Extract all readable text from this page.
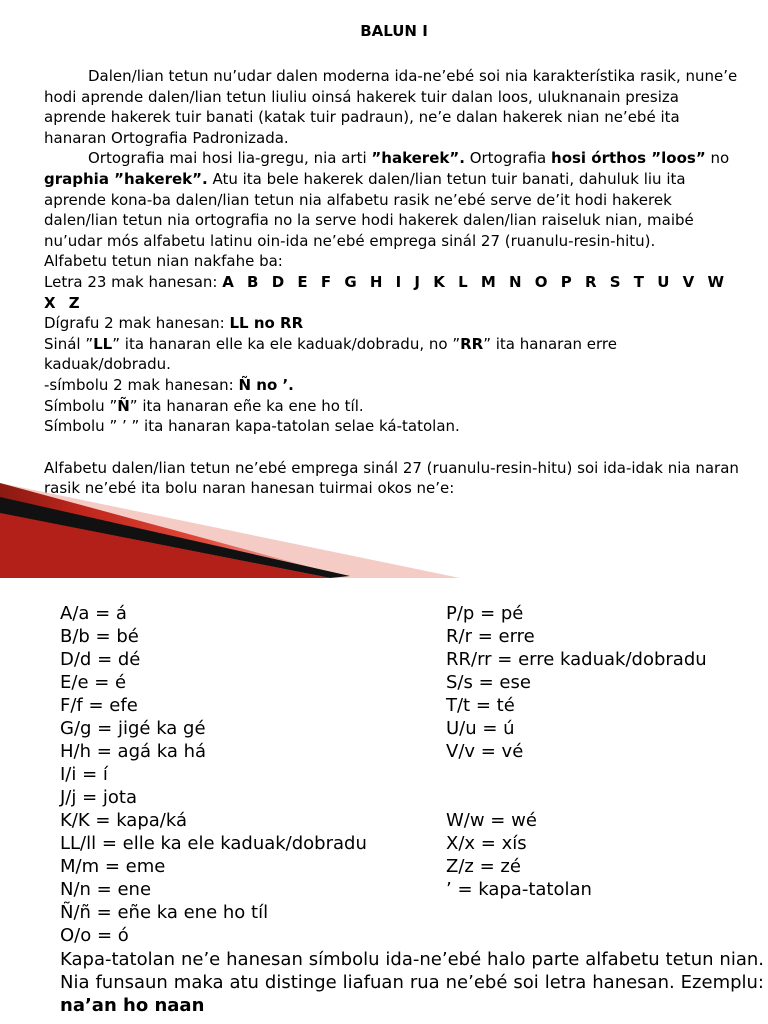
BALUN I

Dalen/lian tetun nu’udar dalen moderna ida-ne’ebé soi nia karakterístika rasik, nune’e hodi aprende dalen/lian tetun liuliu oinsá hakerek tuir dalan loos, uluknanain presiza aprende hakerek tuir banati (katak tuir padraun), ne’e dalan hakerek nian ne’ebé ita hanaran Ortografia Padronizada.

Ortografia mai hosi lia-gregu, nia arti ”hakerek”. Ortografia hosi órthos ”loos” no graphia ”hakerek”. Atu ita bele hakerek dalen/lian tetun tuir banati, dahuluk liu ita aprende kona-ba dalen/lian tetun nia alfabetu rasik ne’ebé serve de’it hodi hakerek dalen/lian tetun nia ortografia no la serve hodi hakerek dalen/lian raiseluk nian, maibé nu’udar mós alfabetu latinu oin-ida ne’ebé emprega sinál 27 (ruanulu-resin-hitu).

Alfabetu tetun nian nakfahe ba:

Letra 23 mak hanesan: A B D E F G H I J K L M N O P R S T U V W X Z

Dígrafu 2 mak hanesan: LL no RR

Sinál ”LL” ita hanaran elle ka ele kaduak/dobradu, no ”RR” ita hanaran erre kaduak/dobradu.

-símbolu 2 mak hanesan: Ñ no ’.

Símbolu ”Ñ” ita hanaran eñe ka ene ho tíl.

Símbolu ” ’ ” ita hanaran kapa-tatolan selae ká-tatolan.

Alfabetu dalen/lian tetun ne’ebé emprega sinál 27 (ruanulu-resin-hitu) soi ida-idak nia naran rasik ne’ebé ita bolu naran hanesan tuirmai okos ne’e:

A/a = á
B/b = bé
D/d = dé
E/e = é
F/f = efe
G/g = jigé ka gé
H/h = agá ka há
I/i = í
J/j = jota
K/K = kapa/ká
LL/ll = elle ka ele kaduak/dobradu
M/m = eme
N/n = ene
Ñ/ñ = eñe ka ene ho tíl
O/o = ó
P/p = pé
R/r = erre
RR/rr = erre kaduak/dobradu
S/s = ese
T/t = té
U/u = ú
V/v = vé
W/w = wé
X/x = xís
Z/z = zé
’ = kapa-tatolan

Kapa-tatolan ne’e hanesan símbolu ida-ne’ebé halo parte alfabetu tetun nian. Nia funsaun maka atu distinge liafuan rua ne’ebé soi letra hanesan. Ezemplu: na’an ho naan
